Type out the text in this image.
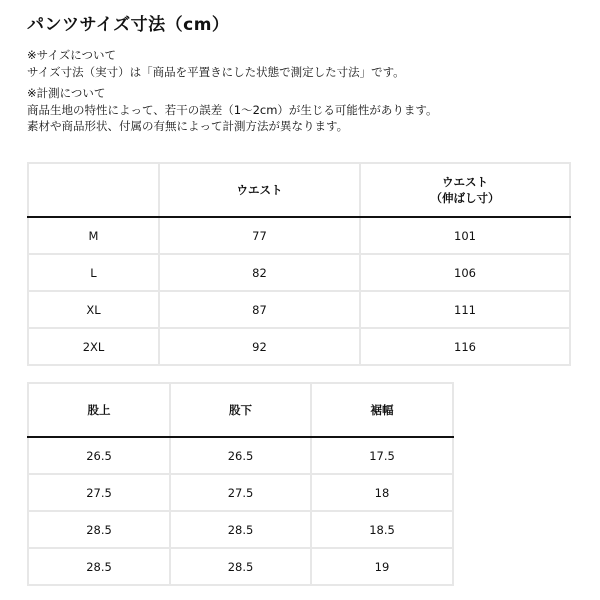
パンツサイズ寸法（cm）

※サイズについて

サイズ寸法（実寸）は「商品を平置きにした状態で測定した寸法」です。

※計測について

商品生地の特性によって、若干の誤差（1〜2cm）が生じる可能性があります。

素材や商品形状、付属の有無によって計測方法が異なります。

	ウエスト	ウエスト
（伸ばし寸）

M	77	101
L	82	106
XL	87	111
2XL	92	116
股上	股下	裾幅
26.5	26.5	17.5
27.5	27.5	18
28.5	28.5	18.5
28.5	28.5	19
